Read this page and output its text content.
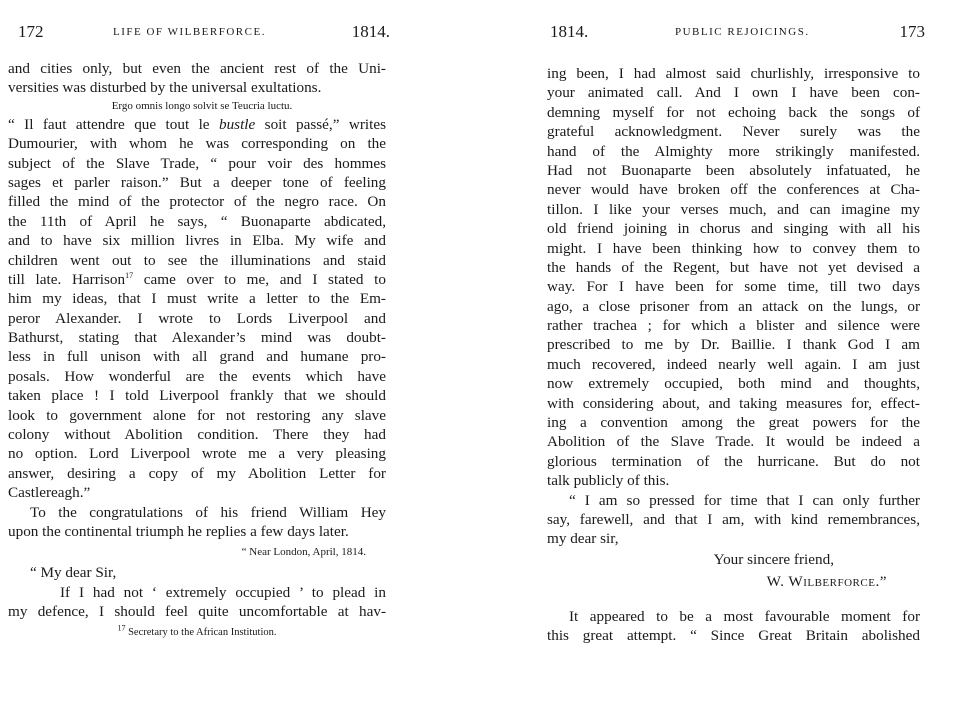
172	LIFE OF WILBERFORCE.	1814.
and cities only, but even the ancient rest of the Uni-
versities was disturbed by the universal exultations.
Ergo omnis longo solvit se Teucria luctu.
“ Il faut attendre que tout le bustle soit passé,” writes
Dumourier, with whom he was corresponding on the
subject of the Slave Trade, “ pour voir des hommes
sages et parler raison.” But a deeper tone of feeling
filled the mind of the protector of the negro race. On
the 11th of April he says, “ Buonaparte abdicated,
and to have six million livres in Elba. My wife and
children went out to see the illuminations and staid
till late. Harrison$^{17}$ came over to me, and I stated to
him my ideas, that I must write a letter to the Em-
peror Alexander. I wrote to Lords Liverpool and
Bathurst, stating that Alexander’s mind was doubt-
less in full unison with all grand and humane pro-
posals. How wonderful are the events which have
taken place ! I told Liverpool frankly that we should
look to government alone for not restoring any slave
colony without Abolition condition. There they had
no option. Lord Liverpool wrote me a very pleasing
answer, desiring a copy of my Abolition Letter for
Castlereagh.”
To the congratulations of his friend William Hey
upon the continental triumph he replies a few days later.
“ Near London, April, 1814.
“ My dear Sir,
If I had not ‘ extremely occupied ’ to plead in
my defence, I should feel quite uncomfortable at hav-
$^{17}$ Secretary to the African Institution.
1814.	PUBLIC REJOICINGS.	173
ing been, I had almost said churlishly, irresponsive to
your animated call. And I own I have been con-
demning myself for not echoing back the songs of
grateful acknowledgment. Never surely was the
hand of the Almighty more strikingly manifested.
Had not Buonaparte been absolutely infatuated, he
never would have broken off the conferences at Cha-
tillon. I like your verses much, and can imagine my
old friend joining in chorus and singing with all his
might. I have been thinking how to convey them to
the hands of the Regent, but have not yet devised a
way. For I have been for some time, till two days
ago, a close prisoner from an attack on the lungs, or
rather trachea ; for which a blister and silence were
prescribed to me by Dr. Baillie. I thank God I am
much recovered, indeed nearly well again. I am just
now extremely occupied, both mind and thoughts,
with considering about, and taking measures for, effect-
ing a convention among the great powers for the
Abolition of the Slave Trade. It would be indeed a
glorious termination of the hurricane. But do not
talk publicly of this.
“ I am so pressed for time that I can only further
say, farewell, and that I am, with kind remembrances,
my dear sir,
Your sincere friend,
W. Wilberforce.”
It appeared to be a most favourable moment for
this great attempt. “ Since Great Britain abolished
